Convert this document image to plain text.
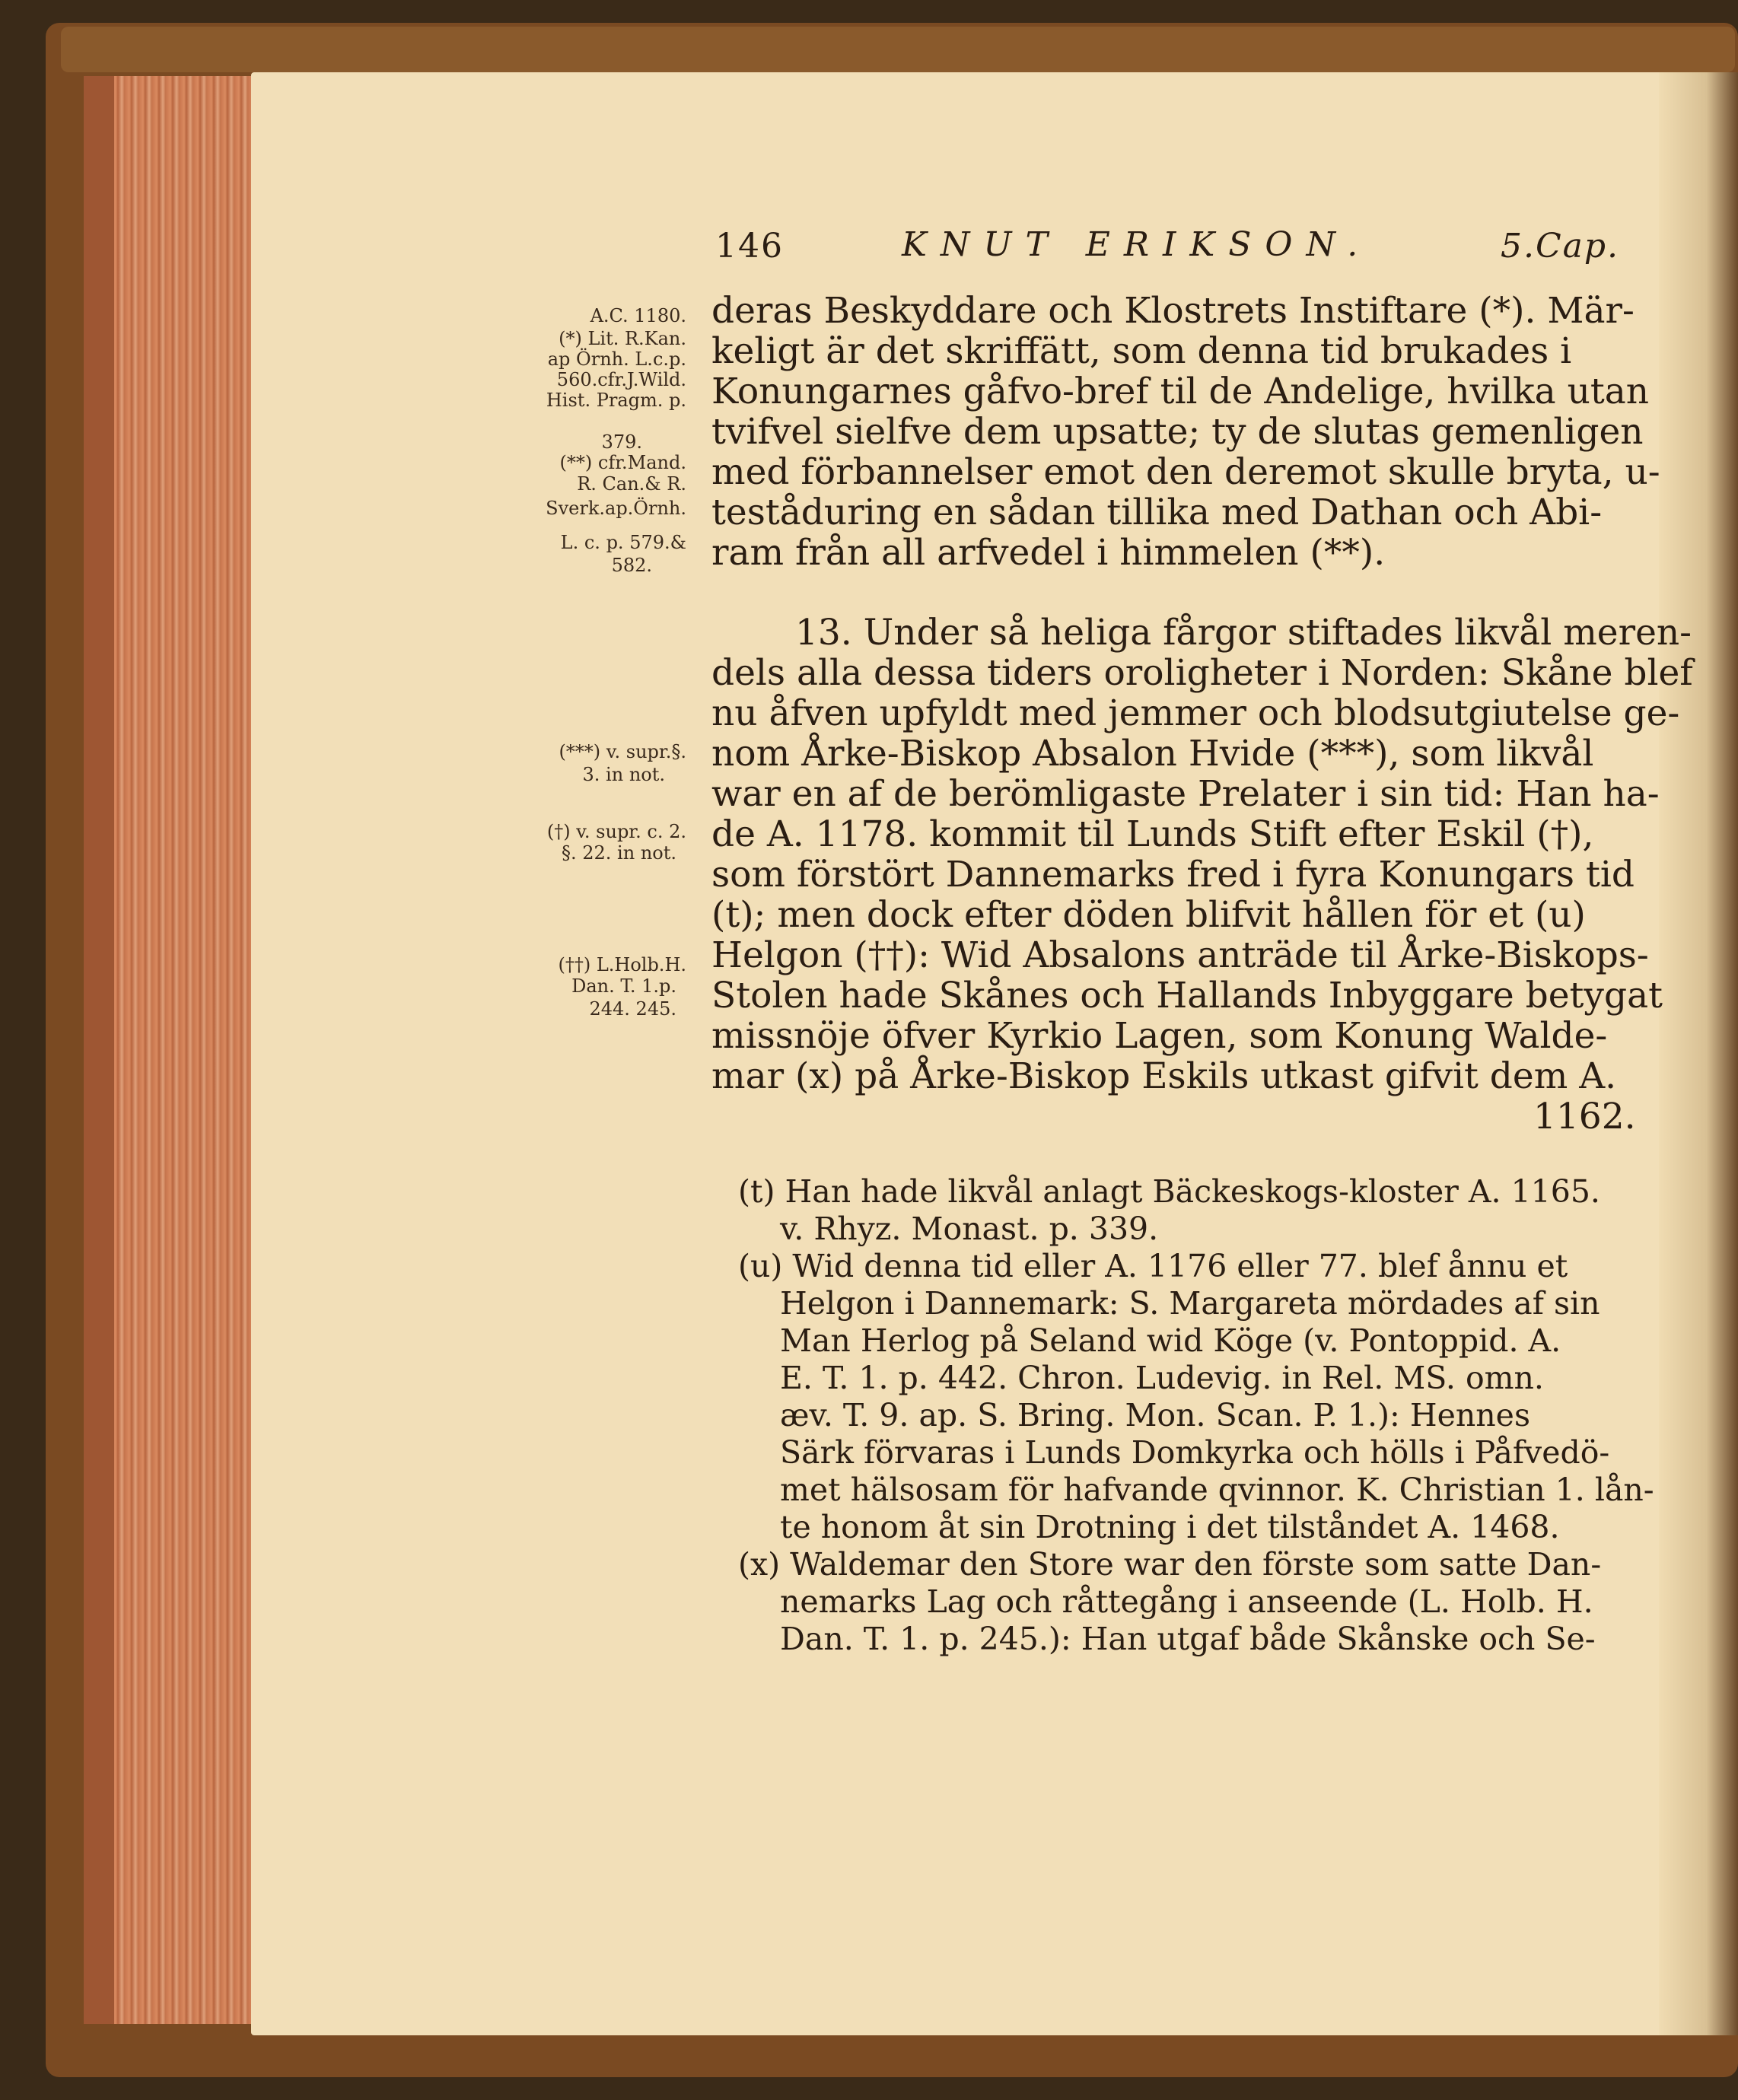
146	KNUT ERIKSON.	5.Cap.
A.C. 1180.
(*) Lit. R.Kan.
ap Örnh. L.c.p.
560.cfr.J.Wild.
Hist. Pragm. p.
379.
(**) cfr.Mand.
R. Can.& R.
Sverk.ap.Örnh.
L. c. p. 579.&
582.
(***) v. supr.§.
3. in not.
(†) v. supr. c. 2.
§. 22. in not.
(††) L.Holb.H.
Dan. T. 1.p.
244. 245.
deras Beskyddare och Klostrets Instiftare (*). Mär-
keligt är det skriffätt, som denna tid brukades i
Konungarnes gåfvo-bref til de Andelige, hvilka utan
tvifvel sielfve dem upsatte; ty de slutas gemenligen
med förbannelser emot den deremot skulle bryta, u-
teståduring en sådan tillika med Dathan och Abi-
ram från all arfvedel i himmelen (**).
13. Under så heliga fårgor stiftades likvål meren-
dels alla dessa tiders oroligheter i Norden: Skåne blef
nu åfven upfyldt med jemmer och blodsutgiutelse ge-
nom Årke-Biskop Absalon Hvide (***), som likvål
war en af de berömligaste Prelater i sin tid: Han ha-
de A. 1178. kommit til Lunds Stift efter Eskil (†),
som förstört Dannemarks fred i fyra Konungars tid
(t); men dock efter döden blifvit hållen för et (u)
Helgon (††): Wid Absalons anträde til Årke-Biskops-
Stolen hade Skånes och Hallands Inbyggare betygat
missnöje öfver Kyrkio Lagen, som Konung Walde-
mar (x) på Årke-Biskop Eskils utkast gifvit dem A.
1162.
(t) Han hade likvål anlagt Bäckeskogs-kloster A. 1165.
v. Rhyz. Monast. p. 339.
(u) Wid denna tid eller A. 1176 eller 77. blef ånnu et
Helgon i Dannemark: S. Margareta mördades af sin
Man Herlog på Seland wid Köge (v. Pontoppid. A.
E. T. 1. p. 442. Chron. Ludevig. in Rel. MS. omn.
æv. T. 9. ap. S. Bring. Mon. Scan. P. 1.): Hennes
Särk förvaras i Lunds Domkyrka och hölls i Påfvedö-
met hälsosam för hafvande qvinnor. K. Christian 1. lån-
te honom åt sin Drotning i det tilståndet A. 1468.
(x) Waldemar den Store war den förste som satte Dan-
nemarks Lag och råttegång i anseende (L. Holb. H.
Dan. T. 1. p. 245.): Han utgaf både Skånske och Se-
